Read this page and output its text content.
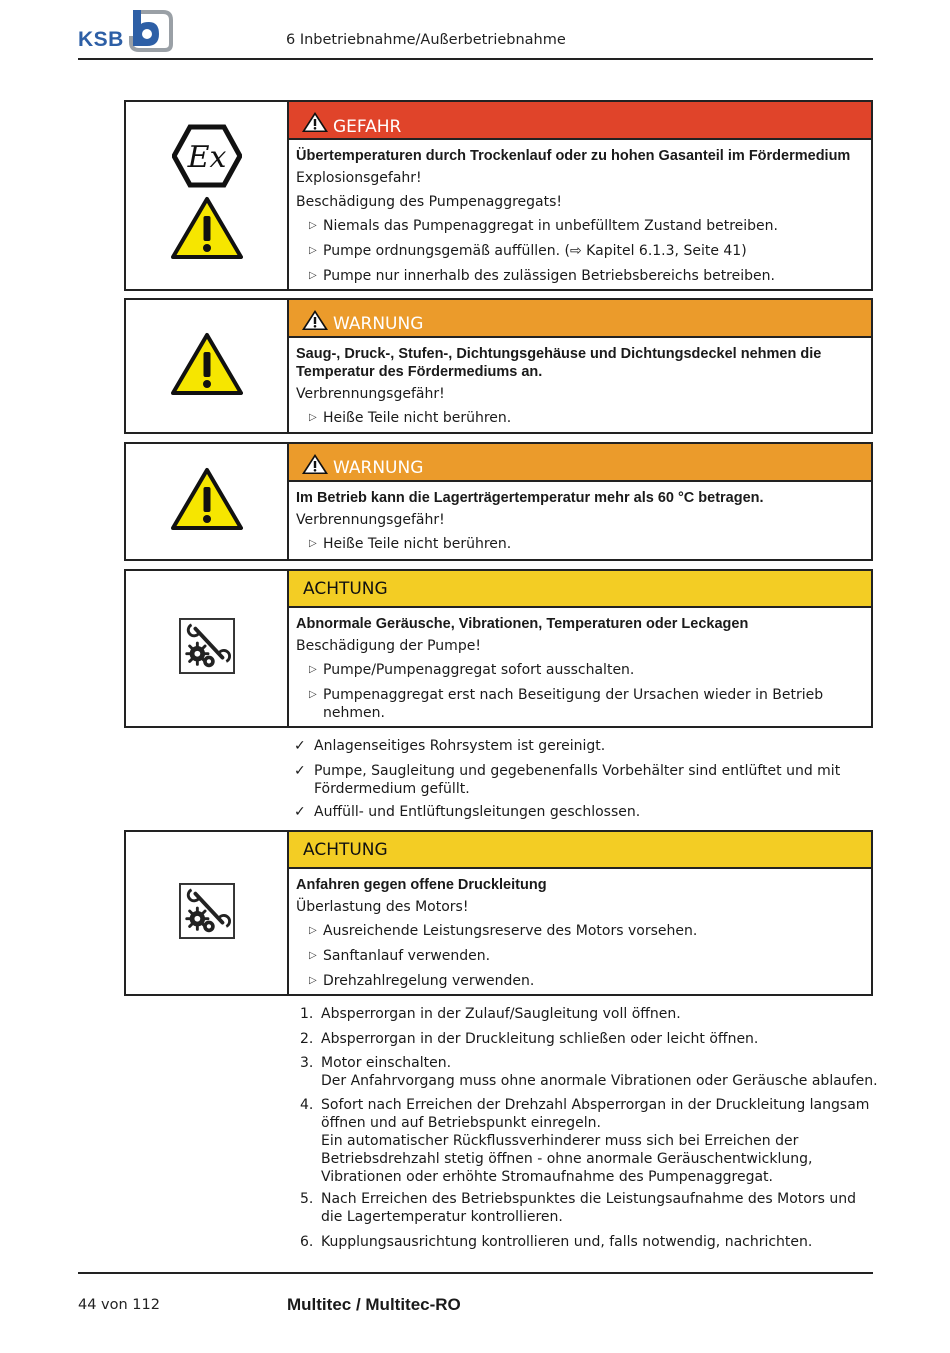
KSB	6 Inbetriebnahme/Außerbetriebnahme
Ex
GEFAHR
Übertemperaturen durch Trockenlauf oder zu hohen Gasanteil im Fördermedium
Explosionsgefahr!
Beschädigung des Pumpenaggregats!
▷ Niemals das Pumpenaggregat in unbefülltem Zustand betreiben.
▷ Pumpe ordnungsgemäß auffüllen. (⇨ Kapitel 6.1.3, Seite 41)
▷ Pumpe nur innerhalb des zulässigen Betriebsbereichs betreiben.
WARNUNG
Saug-, Druck-, Stufen-, Dichtungsgehäuse und Dichtungsdeckel nehmen die Temperatur des Fördermediums an.
Verbrennungsgefähr!
▷ Heiße Teile nicht berühren.
WARNUNG
Im Betrieb kann die Lagerträgertemperatur mehr als 60 °C betragen.
Verbrennungsgefähr!
▷ Heiße Teile nicht berühren.
ACHTUNG
Abnormale Geräusche, Vibrationen, Temperaturen oder Leckagen
Beschädigung der Pumpe!
▷ Pumpe/Pumpenaggregat sofort ausschalten.
▷ Pumpenaggregat erst nach Beseitigung der Ursachen wieder in Betrieb nehmen.
✓ Anlagenseitiges Rohrsystem ist gereinigt.
✓ Pumpe, Saugleitung und gegebenenfalls Vorbehälter sind entlüftet und mit Fördermedium gefüllt.
✓ Auffüll- und Entlüftungsleitungen geschlossen.
ACHTUNG
Anfahren gegen offene Druckleitung
Überlastung des Motors!
▷ Ausreichende Leistungsreserve des Motors vorsehen.
▷ Sanftanlauf verwenden.
▷ Drehzahlregelung verwenden.
1. Absperrorgan in der Zulauf/Saugleitung voll öffnen.
2. Absperrorgan in der Druckleitung schließen oder leicht öffnen.
3. Motor einschalten.
Der Anfahrvorgang muss ohne anormale Vibrationen oder Geräusche ablaufen.
4. Sofort nach Erreichen der Drehzahl Absperrorgan in der Druckleitung langsam öffnen und auf Betriebspunkt einregeln.
Ein automatischer Rückflussverhinderer muss sich bei Erreichen der Betriebsdrehzahl stetig öffnen - ohne anormale Geräuschentwicklung, Vibrationen oder erhöhte Stromaufnahme des Pumpenaggregat.
5. Nach Erreichen des Betriebspunktes die Leistungsaufnahme des Motors und die Lagertemperatur kontrollieren.
6. Kupplungsausrichtung kontrollieren und, falls notwendig, nachrichten.
44 von 112	Multitec / Multitec-RO
